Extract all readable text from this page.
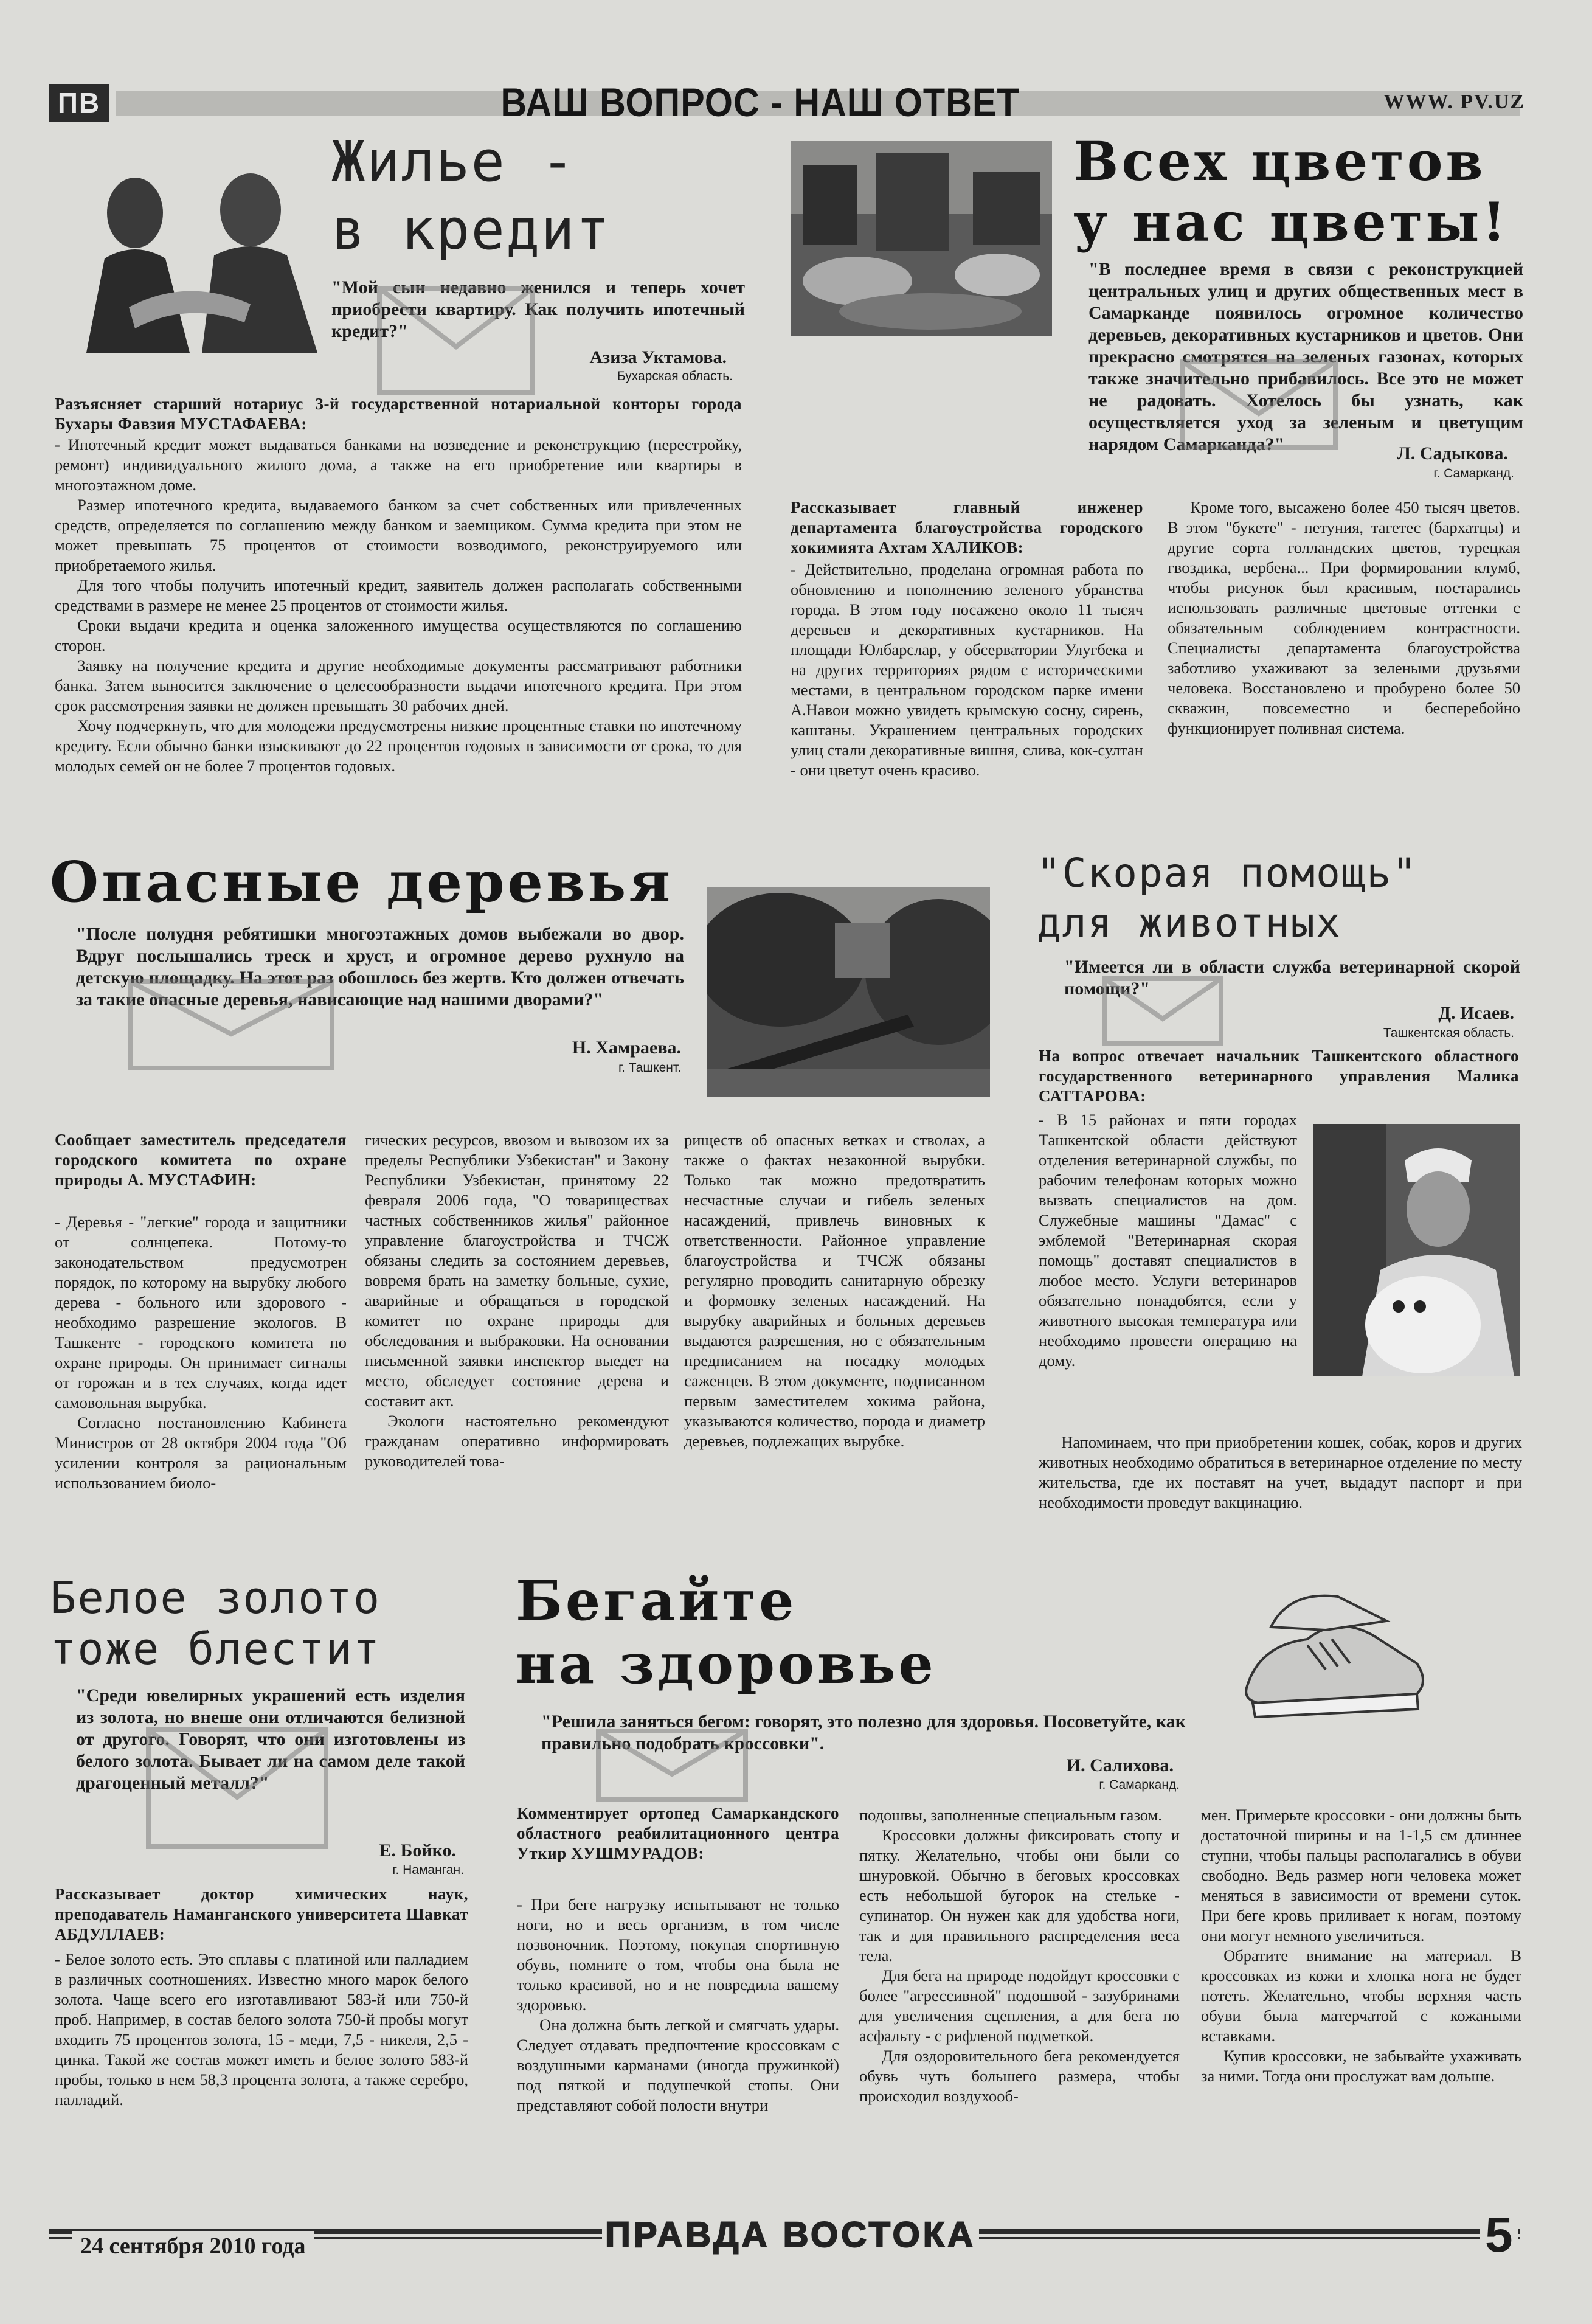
ПВ	ВАШ ВОПРОС - НАШ ОТВЕТ	WWW. PV.UZ
Жилье -
в кредит
"Мой сын недавно женился и теперь хочет приобрести квартиру. Как получить ипотечный кредит?"
Азиза Уктамова.
Бухарская область.
Разъясняет старший нотариус 3-й государственной нотариальной конторы города Бухары Фавзия МУСТАФАЕВА:

- Ипотечный кредит может выдаваться банками на возведение и реконструкцию (перестройку, ремонт) индивидуального жилого дома, а также на его приобретение или квартиры в многоэтажном доме.

Размер ипотечного кредита, выдаваемого банком за счет собственных или привлеченных средств, определяется по соглашению между банком и заемщиком. Сумма кредита при этом не может превышать 75 процентов от стоимости возводимого, реконструируемого или приобретаемого жилья.

Для того чтобы получить ипотечный кредит, заявитель должен располагать собственными средствами в размере не менее 25 процентов от стоимости жилья.

Сроки выдачи кредита и оценка заложенного имущества осуществляются по соглашению сторон.

Заявку на получение кредита и другие необходимые документы рассматривают работники банка. Затем выносится заключение о целесообразности выдачи ипотечного кредита. При этом срок рассмотрения заявки не должен превышать 30 рабочих дней.

Хочу подчеркнуть, что для молодежи предусмотрены низкие процентные ставки по ипотечному кредиту. Если обычно банки взыскивают до 22 процентов годовых в зависимости от срока, то для молодых семей он не более 7 процентов годовых.

Всех цветов
у нас цветы!
"В последнее время в связи с реконструкцией центральных улиц и других общественных мест в Самарканде появилось огромное количество деревьев, декоративных кустарников и цветов. Они прекрасно смотрятся на зеленых газонах, которых также значительно прибавилось. Все это не может не радовать. Хотелось бы узнать, как осуществляется уход за зеленым и цветущим нарядом Самарканда?"	Л. Садыкова.
г. Самарканд.
Рассказывает главный инженер департамента благоустройства городского хокимията Ахтам ХАЛИКОВ:

- Действительно, проделана огромная работа по обновлению и пополнению зеленого убранства города. В этом году посажено около 11 тысяч деревьев и декоративных кустарников. На площади Юлбарслар, у обсерватории Улугбека и на других территориях рядом с историческими местами, в центральном городском парке имени А.Навои можно увидеть крымскую сосну, сирень, каштаны. Украшением центральных городских улиц стали декоративные вишня, слива, кок-султан - они цветут очень красиво.

Кроме того, высажено более 450 тысяч цветов. В этом "букете" - петуния, тагетес (бархатцы) и другие сорта голландских цветов, турецкая гвоздика, вербена... При формировании клумб, чтобы рисунок был красивым, постарались использовать различные цветовые оттенки с обязательным соблюдением контрастности. Специалисты департамента благоустройства заботливо ухаживают за зелеными друзьями человека. Восстановлено и пробурено более 50 скважин, повсеместно и бесперебойно функционирует поливная система.

Опасные деревья
"После полудня ребятишки многоэтажных домов выбежали во двор. Вдруг послышались треск и хруст, и огромное дерево рухнуло на детскую площадку. На этот раз обошлось без жертв. Кто должен отвечать за такие опасные деревья, нависающие над нашими дворами?"
Н. Хамраева.
г. Ташкент.
Сообщает заместитель председателя городского комитета по охране природы А. МУСТАФИН:

- Деревья - "легкие" города и защитники от солнцепека. Потому-то законодательством предусмотрен порядок, по которому на вырубку любого дерева - больного или здорового - необходимо разрешение экологов. В Ташкенте - городского комитета по охране природы. Он принимает сигналы от горожан и в тех случаях, когда идет самовольная вырубка.

Согласно постановлению Кабинета Министров от 28 октября 2004 года "Об усилении контроля за рациональным использованием биоло-

гических ресурсов, ввозом и вывозом их за пределы Республики Узбекистан" и Закону Республики Узбекистан, принятому 22 февраля 2006 года, "О товариществах частных собственников жилья" районное управление благоустройства и ТЧСЖ обязаны следить за состоянием деревьев, вовремя брать на заметку больные, сухие, аварийные и обращаться в городской комитет по охране природы для обследования и выбраковки. На основании письменной заявки инспектор выедет на место, обследует состояние дерева и составит акт.

Экологи настоятельно рекомендуют гражданам оперативно информировать руководителей това-

риществ об опасных ветках и стволах, а также о фактах незаконной вырубки. Только так можно предотвратить несчастные случаи и гибель зеленых насаждений, привлечь виновных к ответственности. Районное управление благоустройства и ТЧСЖ обязаны регулярно проводить санитарную обрезку и формовку зеленых насаждений. На вырубку аварийных и больных деревьев выдаются разрешения, но с обязательным предписанием на посадку молодых саженцев. В этом документе, подписанном первым заместителем хокима района, указываются количество, порода и диаметр деревьев, подлежащих вырубке.

"Скорая помощь"
для животных
"Имеется ли в области служба ветеринарной скорой помощи?"
Д. Исаев.
Ташкентская область.
На вопрос отвечает начальник Ташкентского областного государственного ветеринарного управления Малика САТТАРОВА:

- В 15 районах и пяти городах Ташкентской области действуют отделения ветеринарной службы, по рабочим телефонам которых можно вызвать специалистов на дом. Служебные машины "Дамас" с эмблемой "Ветеринарная скорая помощь" доставят специалистов в любое место. Услуги ветеринаров обязательно понадобятся, если у животного высокая температура или необходимо провести операцию на дому.

Напоминаем, что при приобретении кошек, собак, коров и других животных необходимо обратиться в ветеринарное отделение по месту жительства, где их поставят на учет, выдадут паспорт и при необходимости проведут вакцинацию.

Белое золото
тоже блестит
"Среди ювелирных украшений есть изделия из золота, но внеше они отличаются белизной от другого. Говорят, что они изготовлены из белого золота. Бывает ли на самом деле такой драгоценный металл?"
Е. Бойко.
г. Наманган.
Рассказывает доктор химических наук, преподаватель Наманганского университета Шавкат АБДУЛЛАЕВ:

- Белое золото есть. Это сплавы с платиной или палладием в различных соотношениях. Известно много марок белого золота. Чаще всего его изготавливают 583-й или 750-й проб. Например, в состав белого золота 750-й пробы могут входить 75 процентов золота, 15 - меди, 7,5 - никеля, 2,5 - цинка. Такой же состав может иметь и белое золото 583-й пробы, только в нем 58,3 процента золота, а также серебро, палладий.

Бегайте
на здоровье
"Решила заняться бегом: говорят, это полезно для здоровья. Посоветуйте, как правильно подобрать кроссовки".
И. Салихова.
г. Самарканд.
Комментирует ортопед Самаркандского областного реабилитационного центра Уткир ХУШМУРАДОВ:

- При беге нагрузку испытывают не только ноги, но и весь организм, в том числе позвоночник. Поэтому, покупая спортивную обувь, помните о том, чтобы она была не только красивой, но и не повредила вашему здоровью.

Она должна быть легкой и смягчать удары. Следует отдавать предпочтение кроссовкам с воздушными карманами (иногда пружинкой) под пяткой и подушечкой стопы. Они представляют собой полости внутри

подошвы, заполненные специальным газом.

Кроссовки должны фиксировать стопу и пятку. Желательно, чтобы они были со шнуровкой. Обычно в беговых кроссовках есть небольшой бугорок на стельке - супинатор. Он нужен как для удобства ноги, так и для правильного распределения веса тела.

Для бега на природе подойдут кроссовки с более "агрессивной" подошвой - зазубринами для увеличения сцепления, а для бега по асфальту - с рифленой подметкой.

Для оздоровительного бега рекомендуется обувь чуть большего размера, чтобы происходил воздухооб-

мен. Примерьте кроссовки - они должны быть достаточной ширины и на 1-1,5 см длиннее ступни, чтобы пальцы располагались в обуви свободно. Ведь размер ноги человека может меняться в зависимости от времени суток. При беге кровь приливает к ногам, поэтому они могут немного увеличиться.

Обратите внимание на материал. В кроссовках из кожи и хлопка нога не будет потеть. Желательно, чтобы верхняя часть обуви была матерчатой с кожаными вставками.

Купив кроссовки, не забывайте ухаживать за ними. Тогда они прослужат вам дольше.

24 сентября 2010 года	ПРАВДА ВОСТОКА	5
